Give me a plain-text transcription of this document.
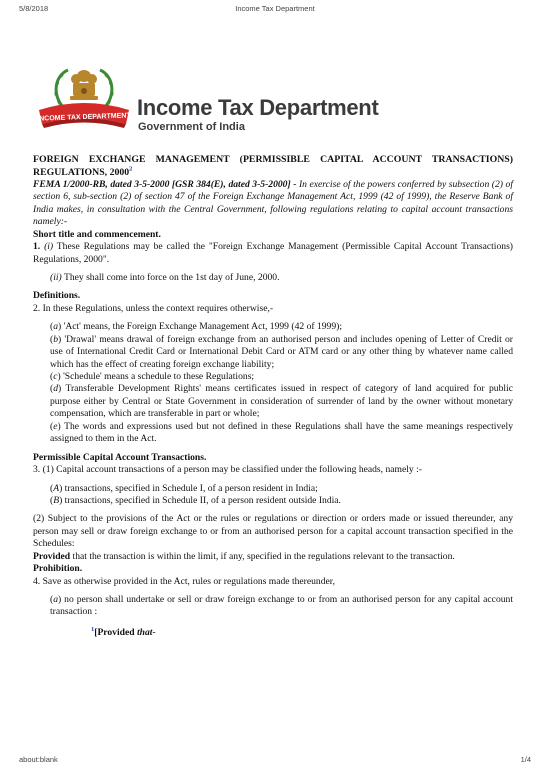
5/8/2018	Income Tax Department
INCOME TAX DEPARTMENT Income Tax Department
Government of India

FOREIGN EXCHANGE MANAGEMENT (PERMISSIBLE CAPITAL ACCOUNT TRANSACTIONS) REGULATIONS, 2000$^2$

FEMA 1/2000-RB, dated 3-5-2000 [GSR 384(E), dated 3-5-2000] - In exercise of the powers conferred by subsection (2) of section 6, sub-section (2) of section 47 of the Foreign Exchange Management Act, 1999 (42 of 1999), the Reserve Bank of India makes, in consultation with the Central Government, following regulations relating to capital account transactions namely:-

Short title and commencement.

1. (i) These Regulations may be called the "Foreign Exchange Management (Permissible Capital Account Transactions) Regulations, 2000".

(ii) They shall come into force on the 1st day of June, 2000.

Definitions.

2. In these Regulations, unless the context requires otherwise,-

(a) 'Act' means, the Foreign Exchange Management Act, 1999 (42 of 1999);

(b) 'Drawal' means drawal of foreign exchange from an authorised person and includes opening of Letter of Credit or use of International Credit Card or International Debit Card or ATM card or any other thing by whatever name called which has the effect of creating foreign exchange liability;

(c) 'Schedule' means a schedule to these Regulations;

(d) Transferable Development Rights' means certificates issued in respect of category of land acquired for public purpose either by Central or State Government in consideration of surrender of land by the owner without monetary compensation, which are transferable in part or whole;

(e) The words and expressions used but not defined in these Regulations shall have the same meanings respectively assigned to them in the Act.

Permissible Capital Account Transactions.

3. (1) Capital account transactions of a person may be classified under the following heads, namely :-

(A) transactions, specified in Schedule I, of a person resident in India;

(B) transactions, specified in Schedule II, of a person resident outside India.

(2) Subject to the provisions of the Act or the rules or regulations or direction or orders made or issued thereunder, any person may sell or draw foreign exchange to or from an authorised person for a capital account transaction specified in the Schedules:

Provided that the transaction is within the limit, if any, specified in the regulations relevant to the transaction.

Prohibition.

4. Save as otherwise provided in the Act, rules or regulations made thereunder,

(a) no person shall undertake or sell or draw foreign exchange to or from an authorised person for any capital account transaction :

$^1$[Provided that-

about:blank	1/4
